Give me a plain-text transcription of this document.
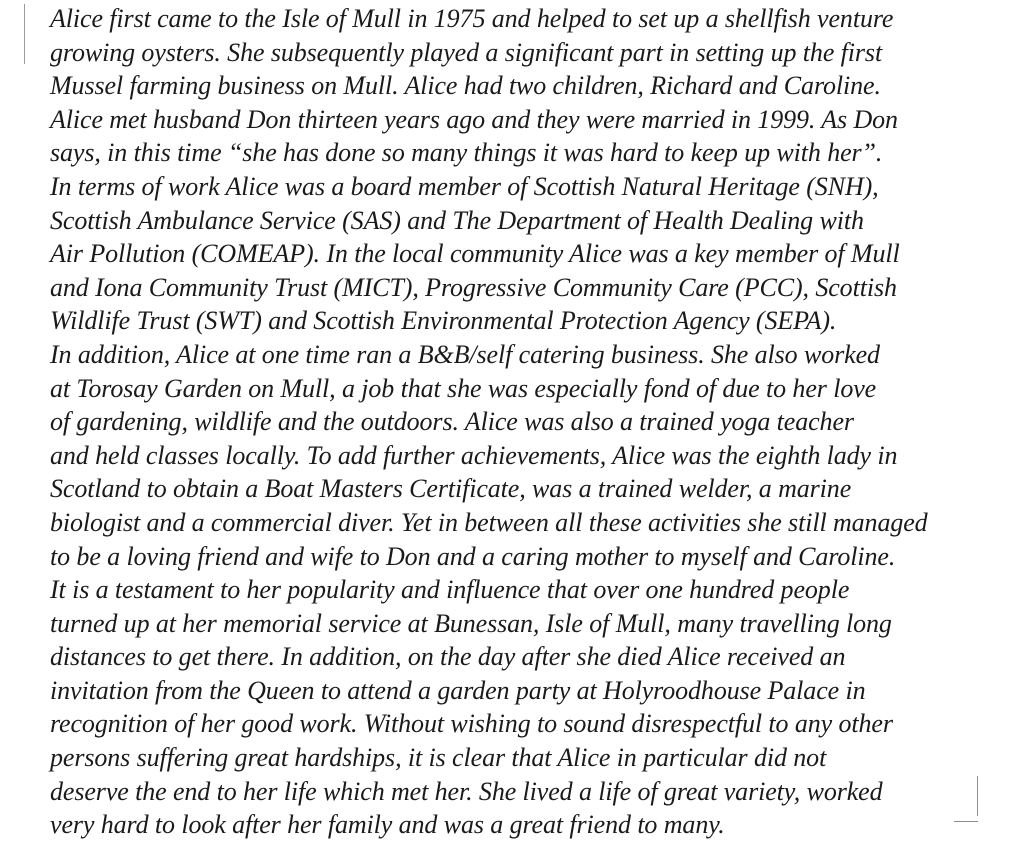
Alice first came to the Isle of Mull in 1975 and helped to set up a shellfish venture
growing oysters. She subsequently played a significant part in setting up the first
Mussel farming business on Mull. Alice had two children, Richard and Caroline.
Alice met husband Don thirteen years ago and they were married in 1999. As Don
says, in this time “she has done so many things it was hard to keep up with her”.
In terms of work Alice was a board member of Scottish Natural Heritage (SNH),
Scottish Ambulance Service (SAS) and The Department of Health Dealing with
Air Pollution (COMEAP). In the local community Alice was a key member of Mull
and Iona Community Trust (MICT), Progressive Community Care (PCC), Scottish
Wildlife Trust (SWT) and Scottish Environmental Protection Agency (SEPA).
In addition, Alice at one time ran a B&B/self catering business. She also worked
at Torosay Garden on Mull, a job that she was especially fond of due to her love
of gardening, wildlife and the outdoors. Alice was also a trained yoga teacher
and held classes locally. To add further achievements, Alice was the eighth lady in
Scotland to obtain a Boat Masters Certificate, was a trained welder, a marine
biologist and a commercial diver. Yet in between all these activities she still managed
to be a loving friend and wife to Don and a caring mother to myself and Caroline.
It is a testament to her popularity and influence that over one hundred people
turned up at her memorial service at Bunessan, Isle of Mull, many travelling long
distances to get there. In addition, on the day after she died Alice received an
invitation from the Queen to attend a garden party at Holyroodhouse Palace in
recognition of her good work. Without wishing to sound disrespectful to any other
persons suffering great hardships, it is clear that Alice in particular did not
deserve the end to her life which met her. She lived a life of great variety, worked
very hard to look after her family and was a great friend to many.
